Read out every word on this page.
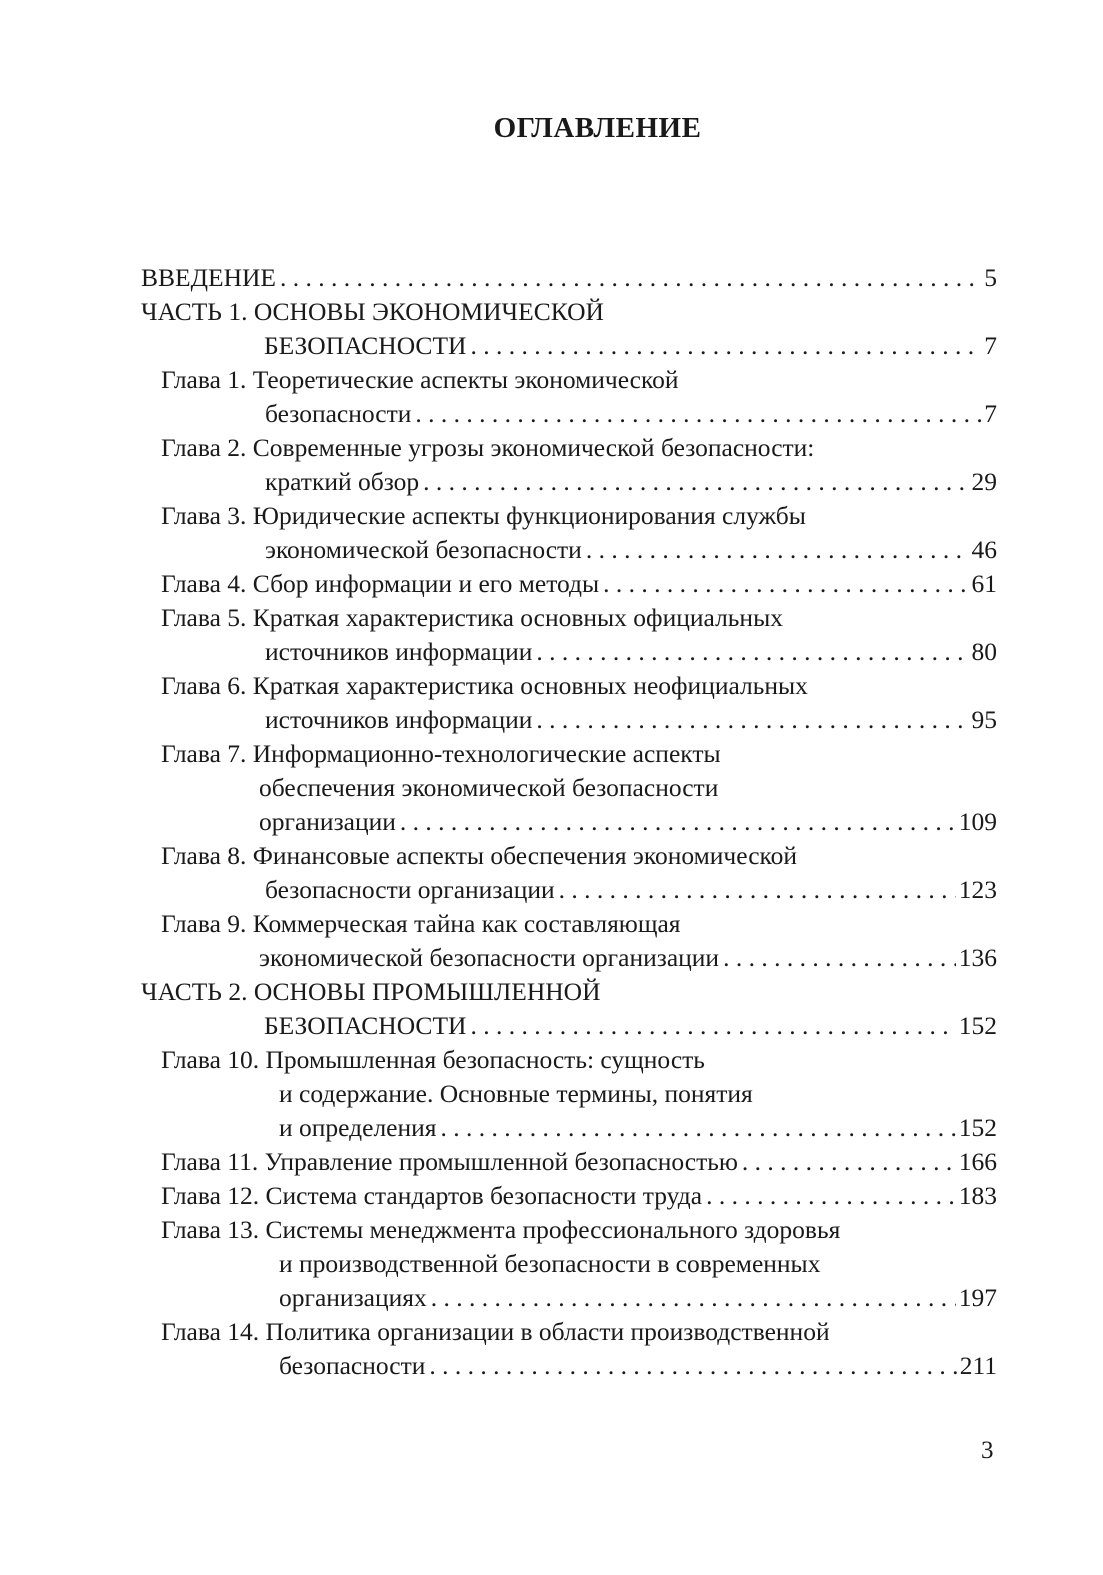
ОГЛАВЛЕНИЕ
ВВЕДЕНИЕ . . .	5
ЧАСТЬ 1. ОСНОВЫ ЭКОНОМИЧЕСКОЙ
БЕЗОПАСНОСТИ . . .	7
Глава 1. Теоретические аспекты экономической
безопасности . . .	7
Глава 2. Современные угрозы экономической безопасности:
краткий обзор . . .	29
Глава 3. Юридические аспекты функционирования службы
экономической безопасности . . .	46
Глава 4. Сбор информации и его методы . . .	61
Глава 5. Краткая характеристика основных официальных
источников информации . . .	80
Глава 6. Краткая характеристика основных неофициальных
источников информации . . .	95
Глава 7. Информационно-технологические аспекты
обеспечения экономической безопасности
организации . . .	109
Глава 8. Финансовые аспекты обеспечения экономической
безопасности организации . . .	123
Глава 9. Коммерческая тайна как составляющая
экономической безопасности организации . . .	136
ЧАСТЬ 2. ОСНОВЫ ПРОМЫШЛЕННОЙ
БЕЗОПАСНОСТИ . . .	152
Глава 10. Промышленная безопасность: сущность
и содержание. Основные термины, понятия
и определения . . .	152
Глава 11. Управление промышленной безопасностью . . .	166
Глава 12. Система стандартов безопасности труда . . .	183
Глава 13. Системы менеджмента профессионального здоровья
и производственной безопасности в современных
организациях . . .	197
Глава 14. Политика организации в области производственной
безопасности . . .	211
3
